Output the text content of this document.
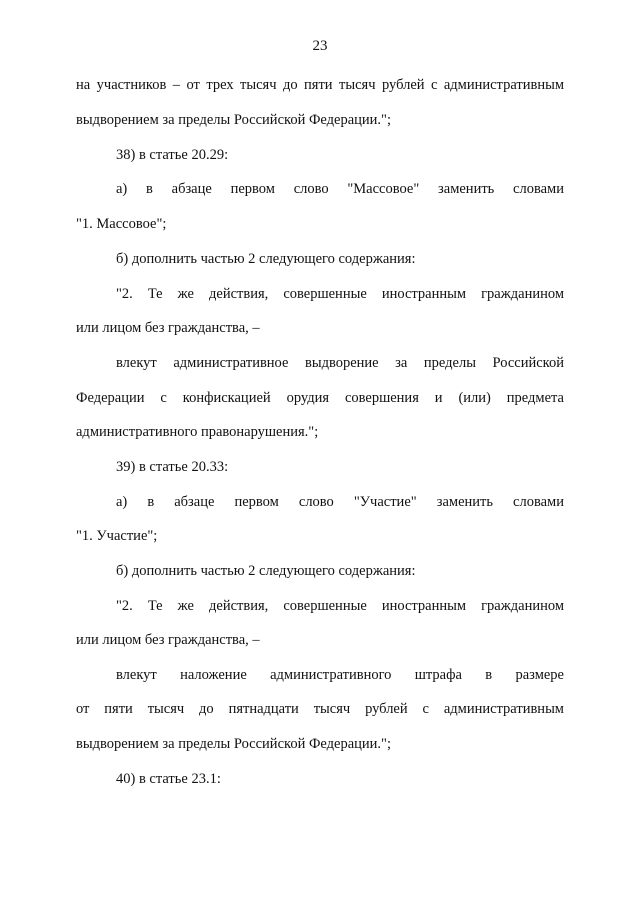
23
на участников – от трех тысяч до пяти тысяч рублей с административным
выдворением за пределы Российской Федерации.";
38) в статье 20.29:
а) в абзаце первом слово "Массовое" заменить словами
"1. Массовое";
б) дополнить частью 2 следующего содержания:
"2. Те же действия, совершенные иностранным гражданином
или лицом без гражданства, –
влекут административное выдворение за пределы Российской
Федерации с конфискацией орудия совершения и (или) предмета
административного правонарушения.";
39) в статье 20.33:
а) в абзаце первом слово "Участие" заменить словами
"1. Участие";
б) дополнить частью 2 следующего содержания:
"2. Те же действия, совершенные иностранным гражданином
или лицом без гражданства, –
влекут наложение административного штрафа в размере
от пяти тысяч до пятнадцати тысяч рублей с административным
выдворением за пределы Российской Федерации.";
40) в статье 23.1:
